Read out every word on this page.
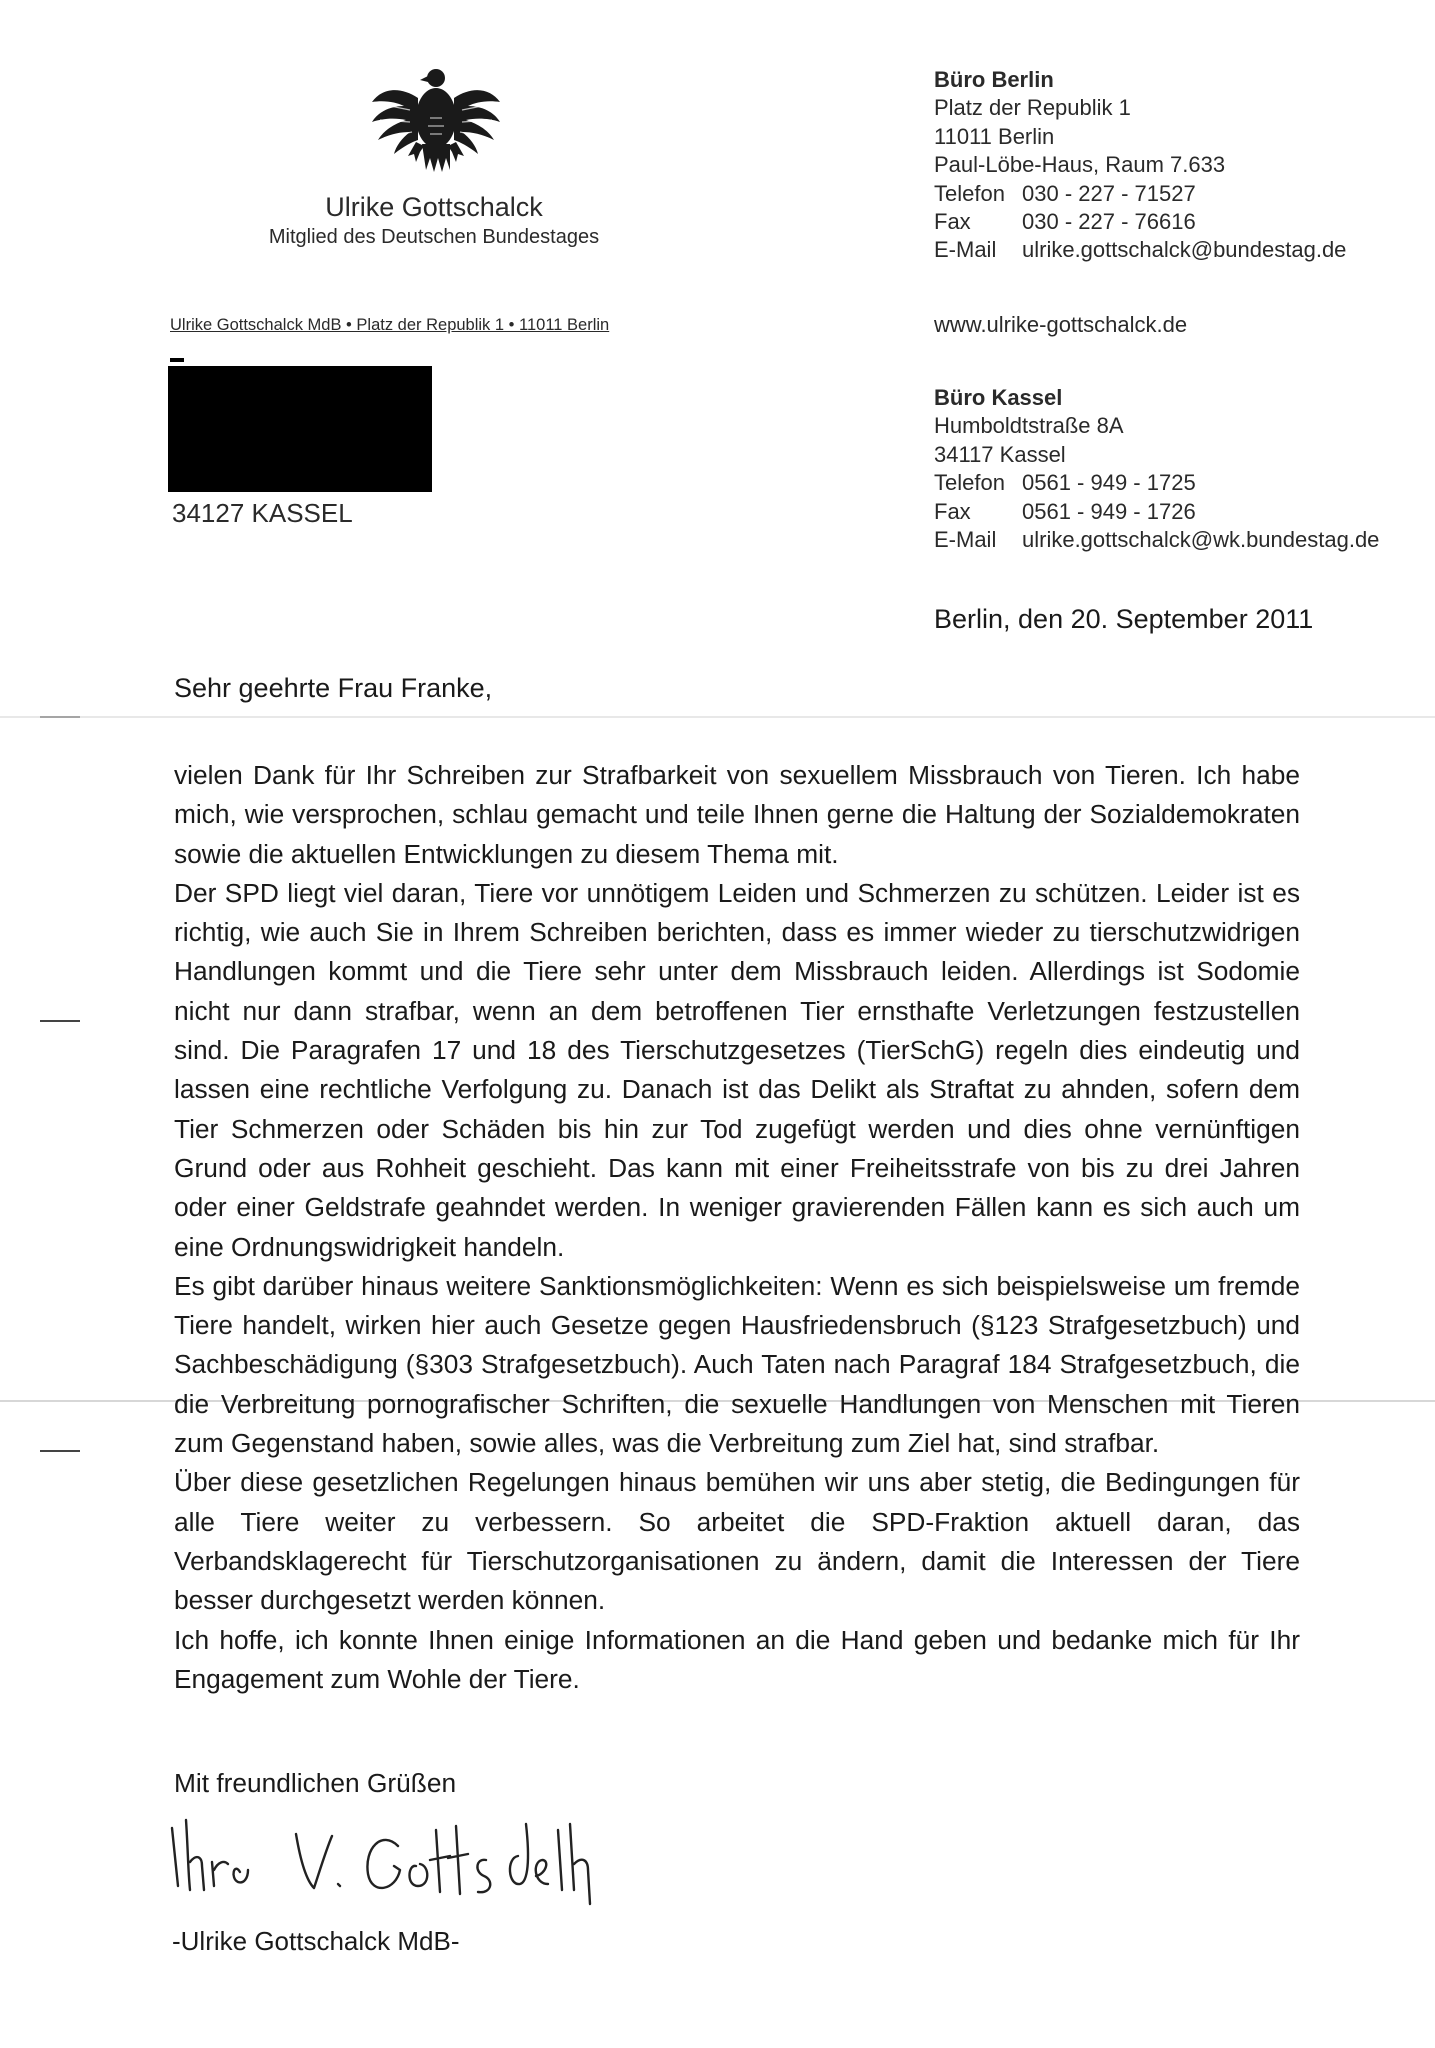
Ulrike Gottschalck
Mitglied des Deutschen Bundestages
Ulrike Gottschalck MdB • Platz der Republik 1 • 11011 Berlin
34127 KASSEL
Büro Berlin
Platz der Republik 1
11011 Berlin
Paul-Löbe-Haus, Raum 7.633
Telefon 030 - 227 - 71527
Fax 030 - 227 - 76616
E-Mail ulrike.gottschalck@bundestag.de
www.ulrike-gottschalck.de
Büro Kassel
Humboldtstraße 8A
34117 Kassel
Telefon 0561 - 949 - 1725
Fax 0561 - 949 - 1726
E-Mail ulrike.gottschalck@wk.bundestag.de
Berlin, den 20. September 2011
Sehr geehrte Frau Franke,

vielen Dank für Ihr Schreiben zur Strafbarkeit von sexuellem Missbrauch von Tieren. Ich habe mich, wie versprochen, schlau gemacht und teile Ihnen gerne die Haltung der Sozialdemokraten sowie die aktuellen Entwicklungen zu diesem Thema mit.

Der SPD liegt viel daran, Tiere vor unnötigem Leiden und Schmerzen zu schützen. Leider ist es richtig, wie auch Sie in Ihrem Schreiben berichten, dass es immer wieder zu tierschutzwidrigen Handlungen kommt und die Tiere sehr unter dem Missbrauch leiden. Allerdings ist Sodomie nicht nur dann strafbar, wenn an dem betroffenen Tier ernsthafte Verletzungen festzustellen sind. Die Paragrafen 17 und 18 des Tierschutzgesetzes (TierSchG) regeln dies eindeutig und lassen eine rechtliche Verfolgung zu. Danach ist das Delikt als Straftat zu ahnden, sofern dem Tier Schmerzen oder Schäden bis hin zur Tod zugefügt werden und dies ohne vernünftigen Grund oder aus Rohheit geschieht. Das kann mit einer Freiheitsstrafe von bis zu drei Jahren oder einer Geldstrafe geahndet werden. In weniger gravierenden Fällen kann es sich auch um eine Ordnungswidrigkeit handeln.

Es gibt darüber hinaus weitere Sanktionsmöglichkeiten: Wenn es sich beispielsweise um fremde Tiere handelt, wirken hier auch Gesetze gegen Hausfriedensbruch (§123 Strafgesetzbuch) und Sachbeschädigung (§303 Strafgesetzbuch). Auch Taten nach Paragraf 184 Strafgesetzbuch, die die Verbreitung pornografischer Schriften, die sexuelle Handlungen von Menschen mit Tieren zum Gegenstand haben, sowie alles, was die Verbreitung zum Ziel hat, sind strafbar.

Über diese gesetzlichen Regelungen hinaus bemühen wir uns aber stetig, die Bedingungen für alle Tiere weiter zu verbessern. So arbeitet die SPD-Fraktion aktuell daran, das Verbandsklagerecht für Tierschutzorganisationen zu ändern, damit die Interessen der Tiere besser durchgesetzt werden können.

Ich hoffe, ich konnte Ihnen einige Informationen an die Hand geben und bedanke mich für Ihr Engagement zum Wohle der Tiere.

Mit freundlichen Grüßen
-Ulrike Gottschalck MdB-
